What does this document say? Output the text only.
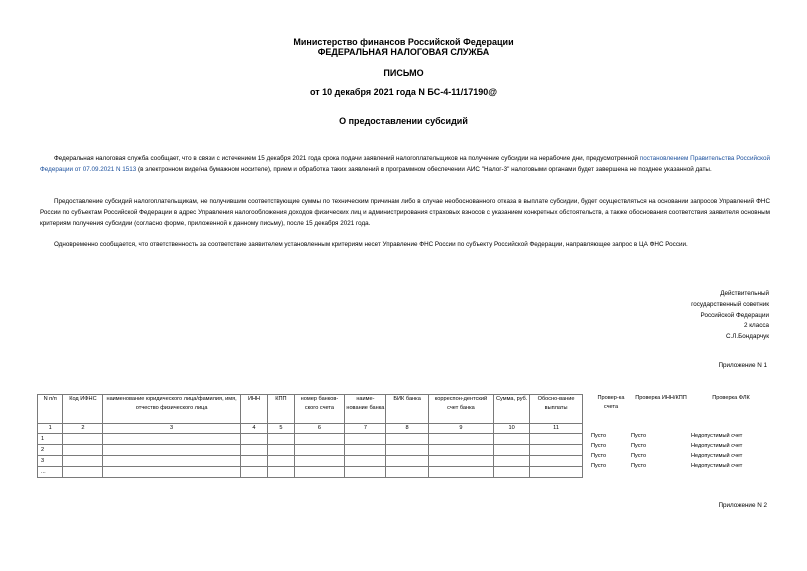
Министерство финансов Российской Федерации
ФЕДЕРАЛЬНАЯ НАЛОГОВАЯ СЛУЖБА
ПИСЬМО
от 10 декабря 2021 года N БС-4-11/17190@
О предоставлении субсидий
Федеральная налоговая служба сообщает, что в связи с истечением 15 декабря 2021 года срока подачи заявлений налогоплательщиков на получение субсидии на нерабочие дни, предусмотренной постановлением Правительства Российской Федерации от 07.09.2021 N 1513 (в электронном виде/на бумажном носителе), прием и обработка таких заявлений в программном обеспечении АИС "Налог-3" налоговыми органами будет завершена не позднее указанной даты.
Предоставление субсидий налогоплательщикам, не получившим соответствующие суммы по техническим причинам либо в случае необоснованного отказа в выплате субсидии, будет осуществляться на основании запросов Управлений ФНС России по субъектам Российской Федерации в адрес Управления налогообложения доходов физических лиц и администрирования страховых взносов с указанием конкретных обстоятельств, а также обоснования соответствия заявителя основным критериям получения субсидии (согласно форме, приложенной к данному письму), после 15 декабря 2021 года.
Одновременно сообщается, что ответственность за соответствие заявителем установленным критериям несет Управление ФНС России по субъекту Российской Федерации, направляющее запрос в ЦА ФНС России.
Действительный
государственный советник
Российской Федерации
2 класса
С.Л.Бондарчук
Приложение N 1
N п/п	Код ИФНС	наименование юридического лица/фамилия, имя, отчество физического лица	ИНН	КПП	номер банков-ского счета	наиме-нование банка	БИК банка	корреспон-дентский счет банка	Сумма, руб.	Обосно-вание выплаты
1	2	3	4	5	6	7	8	9	10	11
1										
2										
3										
...										
Провер-ка счета	Проверка ИНН/КПП	Проверка ФЛК

Пусто	Пусто	Недопустимый счет
Пусто	Пусто	Недопустимый счет
Пусто	Пусто	Недопустимый счет
Пусто	Пусто	Недопустимый счет
Приложение N 2
